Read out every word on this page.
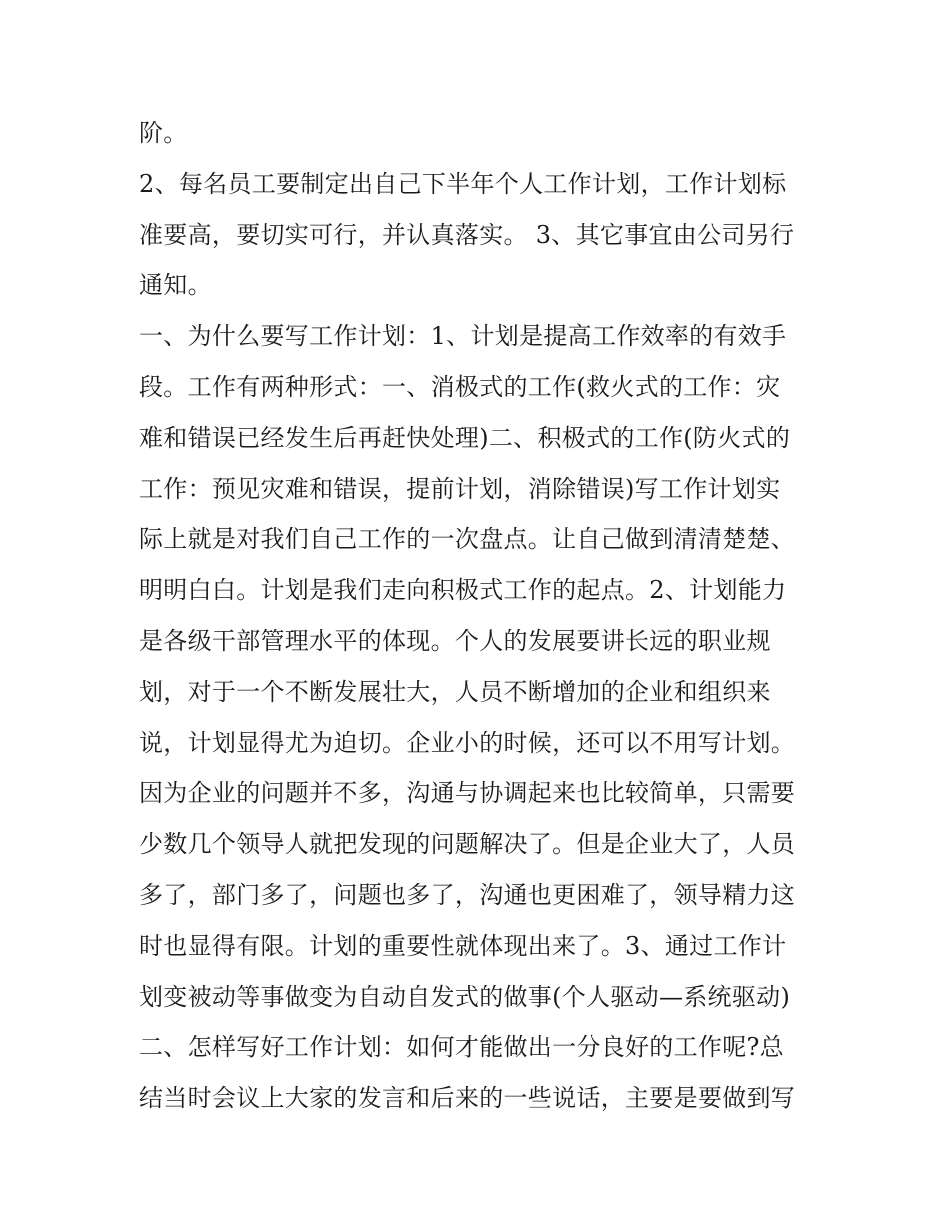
阶。
2、每名员工要制定出自己下半年个人工作计划，工作计划标
准要高，要切实可行，并认真落实。 3、其它事宜由公司另行
通知。
一、为什么要写工作计划：1、计划是提高工作效率的有效手
段。工作有两种形式：一、消极式的工作(救火式的工作：灾
难和错误已经发生后再赶快处理)二、积极式的工作(防火式的
工作：预见灾难和错误，提前计划，消除错误)写工作计划实
际上就是对我们自己工作的一次盘点。让自己做到清清楚楚、
明明白白。计划是我们走向积极式工作的起点。2、计划能力
是各级干部管理水平的体现。个人的发展要讲长远的职业规
划，对于一个不断发展壮大，人员不断增加的企业和组织来
说，计划显得尤为迫切。企业小的时候，还可以不用写计划。
因为企业的问题并不多，沟通与协调起来也比较简单，只需要
少数几个领导人就把发现的问题解决了。但是企业大了，人员
多了，部门多了，问题也多了，沟通也更困难了，领导精力这
时也显得有限。计划的重要性就体现出来了。3、通过工作计
划变被动等事做变为自动自发式的做事(个人驱动—系统驱动)
二、怎样写好工作计划：如何才能做出一分良好的工作呢?总
结当时会议上大家的发言和后来的一些说话，主要是要做到写
